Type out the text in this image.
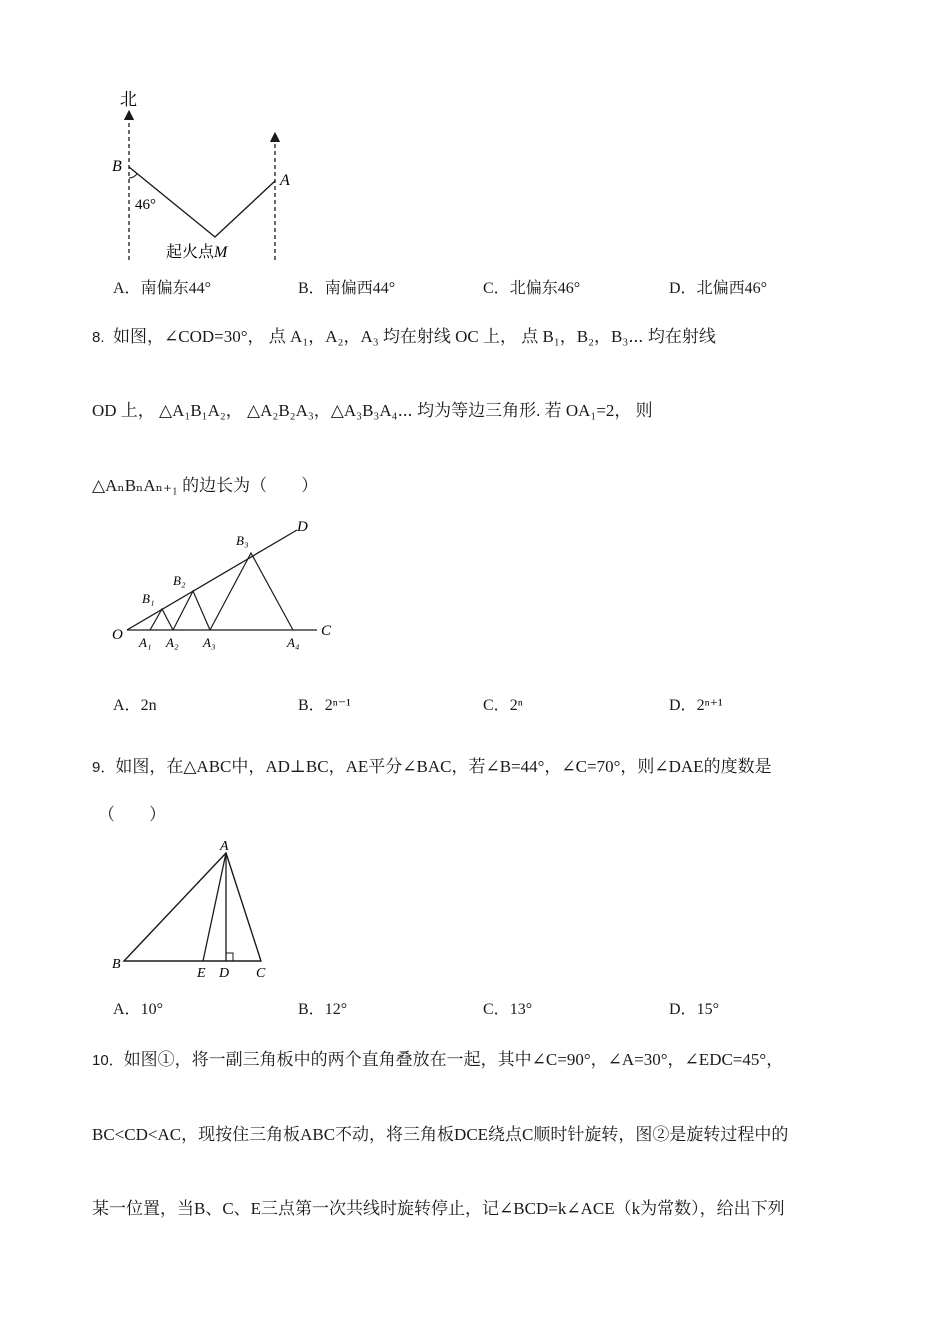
北
B
A
46°
起火点M
A．南偏东44°	B．南偏西44°	C．北偏东46°	D．北偏西46°
8. 如图，∠COD=30°， 点 A₁，A₂，A₃ 均在射线 OC 上， 点 B₁，B₂，B₃⋯ 均在射线
OD 上， △A₁B₁A₂， △A₂B₂A₃，△A₃B₃A₄⋯ 均为等边三角形. 若 OA₁=2， 则
△AₙBₙAₙ₊₁ 的边长为（　　）
O	C
D
B₁
B₂
B₃
A₁ A₂ A₃	A₄
A．2n	B．2ⁿ⁻¹	C．2ⁿ	D．2ⁿ⁺¹
9．如图，在△ABC中，AD⊥BC，AE平分∠BAC，若∠B=44°，∠C=70°，则∠DAE的度数是
（　　）
A
B
C
D
E
A．10°	B．12°	C．13°	D．15°
10．如图①，将一副三角板中的两个直角叠放在一起，其中∠C=90°，∠A=30°，∠EDC=45°，
BC<CD<AC，现按住三角板ABC不动，将三角板DCE绕点C顺时针旋转，图②是旋转过程中的
某一位置，当B、C、E三点第一次共线时旋转停止，记∠BCD=k∠ACE（k为常数），给出下列
